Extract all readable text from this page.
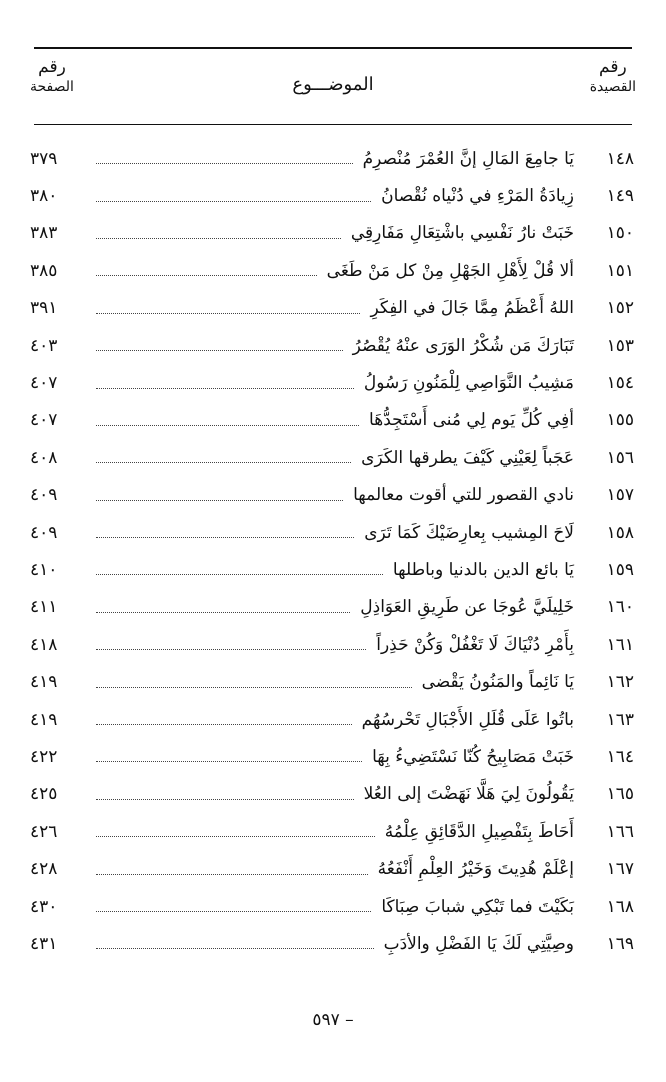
رقم
القصيدة
الموضـــوع
رقم
الصفحة
١٤٨
يَا جامِعَ المَالِ إنَّ العُمْرَ مُنْصرِمُ
٣٧٩
١٤٩
زِيادَةُ المَرْءِ في دُنْياه نُقْصانُ
٣٨٠
١٥٠
خَبَتْ نارُ نَفْسِي باشْتِعَالِ مَفَارِقِي
٣٨٣
١٥١
ألا قُلْ لِأَهْلِ الجَهْلِ مِنْ كل مَنْ طَغَى
٣٨٥
١٥٢
اللهُ أَعْظَمُ مِمَّا جَالَ في الفِكَرِ
٣٩١
١٥٣
تَبَارَكَ مَن شُكْرُ الوَرَى عنْهُ يُقْصُرُ
٤٠٣
١٥٤
مَشِيبُ النَّوَاصِي لِلْمَنُونِ رَسُولُ
٤٠٧
١٥٥
أفِي كُلِّ يَوم لِي مُنى أَسْتَجِدُّهَا
٤٠٧
١٥٦
عَجَباً لِعَيْنِي كَيْفَ يطرقها الكَرَى
٤٠٨
١٥٧
نادي القصور للتي أقوت معالمها
٤٠٩
١٥٨
لَاحَ المِشيب بِعارِضَيْكَ كَمَا تَرَى
٤٠٩
١٥٩
يَا بائع الدين بالدنيا وباطلها
٤١٠
١٦٠
خَلِيلَيَّ عُوجَا عن طَرِيقِ العَوَاذِلِ
٤١١
١٦١
بِأَمْرِ دُنْيَاكَ لَا تَغْفُلْ وَكُنْ حَذِراً
٤١٨
١٦٢
يَا نَائِماً والمَنُونُ يَقْضى
٤١٩
١٦٣
باتُوا عَلَى قُلَلِ الأَجْبَالِ تَحْرسُهُم
٤١٩
١٦٤
خَبَتْ مَصَابِيحُ كُنّا نَسْتَضِيءُ بِهَا
٤٢٢
١٦٥
يَقُولُونَ لِيَ هَلَّا نَهَضْتَ إلى العُلا
٤٢٥
١٦٦
أَحَاطَ بِتَفْصِيلِ الدَّقَائِقِ عِلْمُهُ
٤٢٦
١٦٧
إعْلَمْ هُدِيتَ وَخَيْرُ العِلْمِ أَنْفَعُهُ
٤٢٨
١٦٨
بَكَيْتَ فما تَبْكِي شبابَ صِبَاكَا
٤٣٠
١٦٩
وصِيَّتِي لَكَ يَا الفَضْلِ والأدَبِ
٤٣١
– ٥٩٧
